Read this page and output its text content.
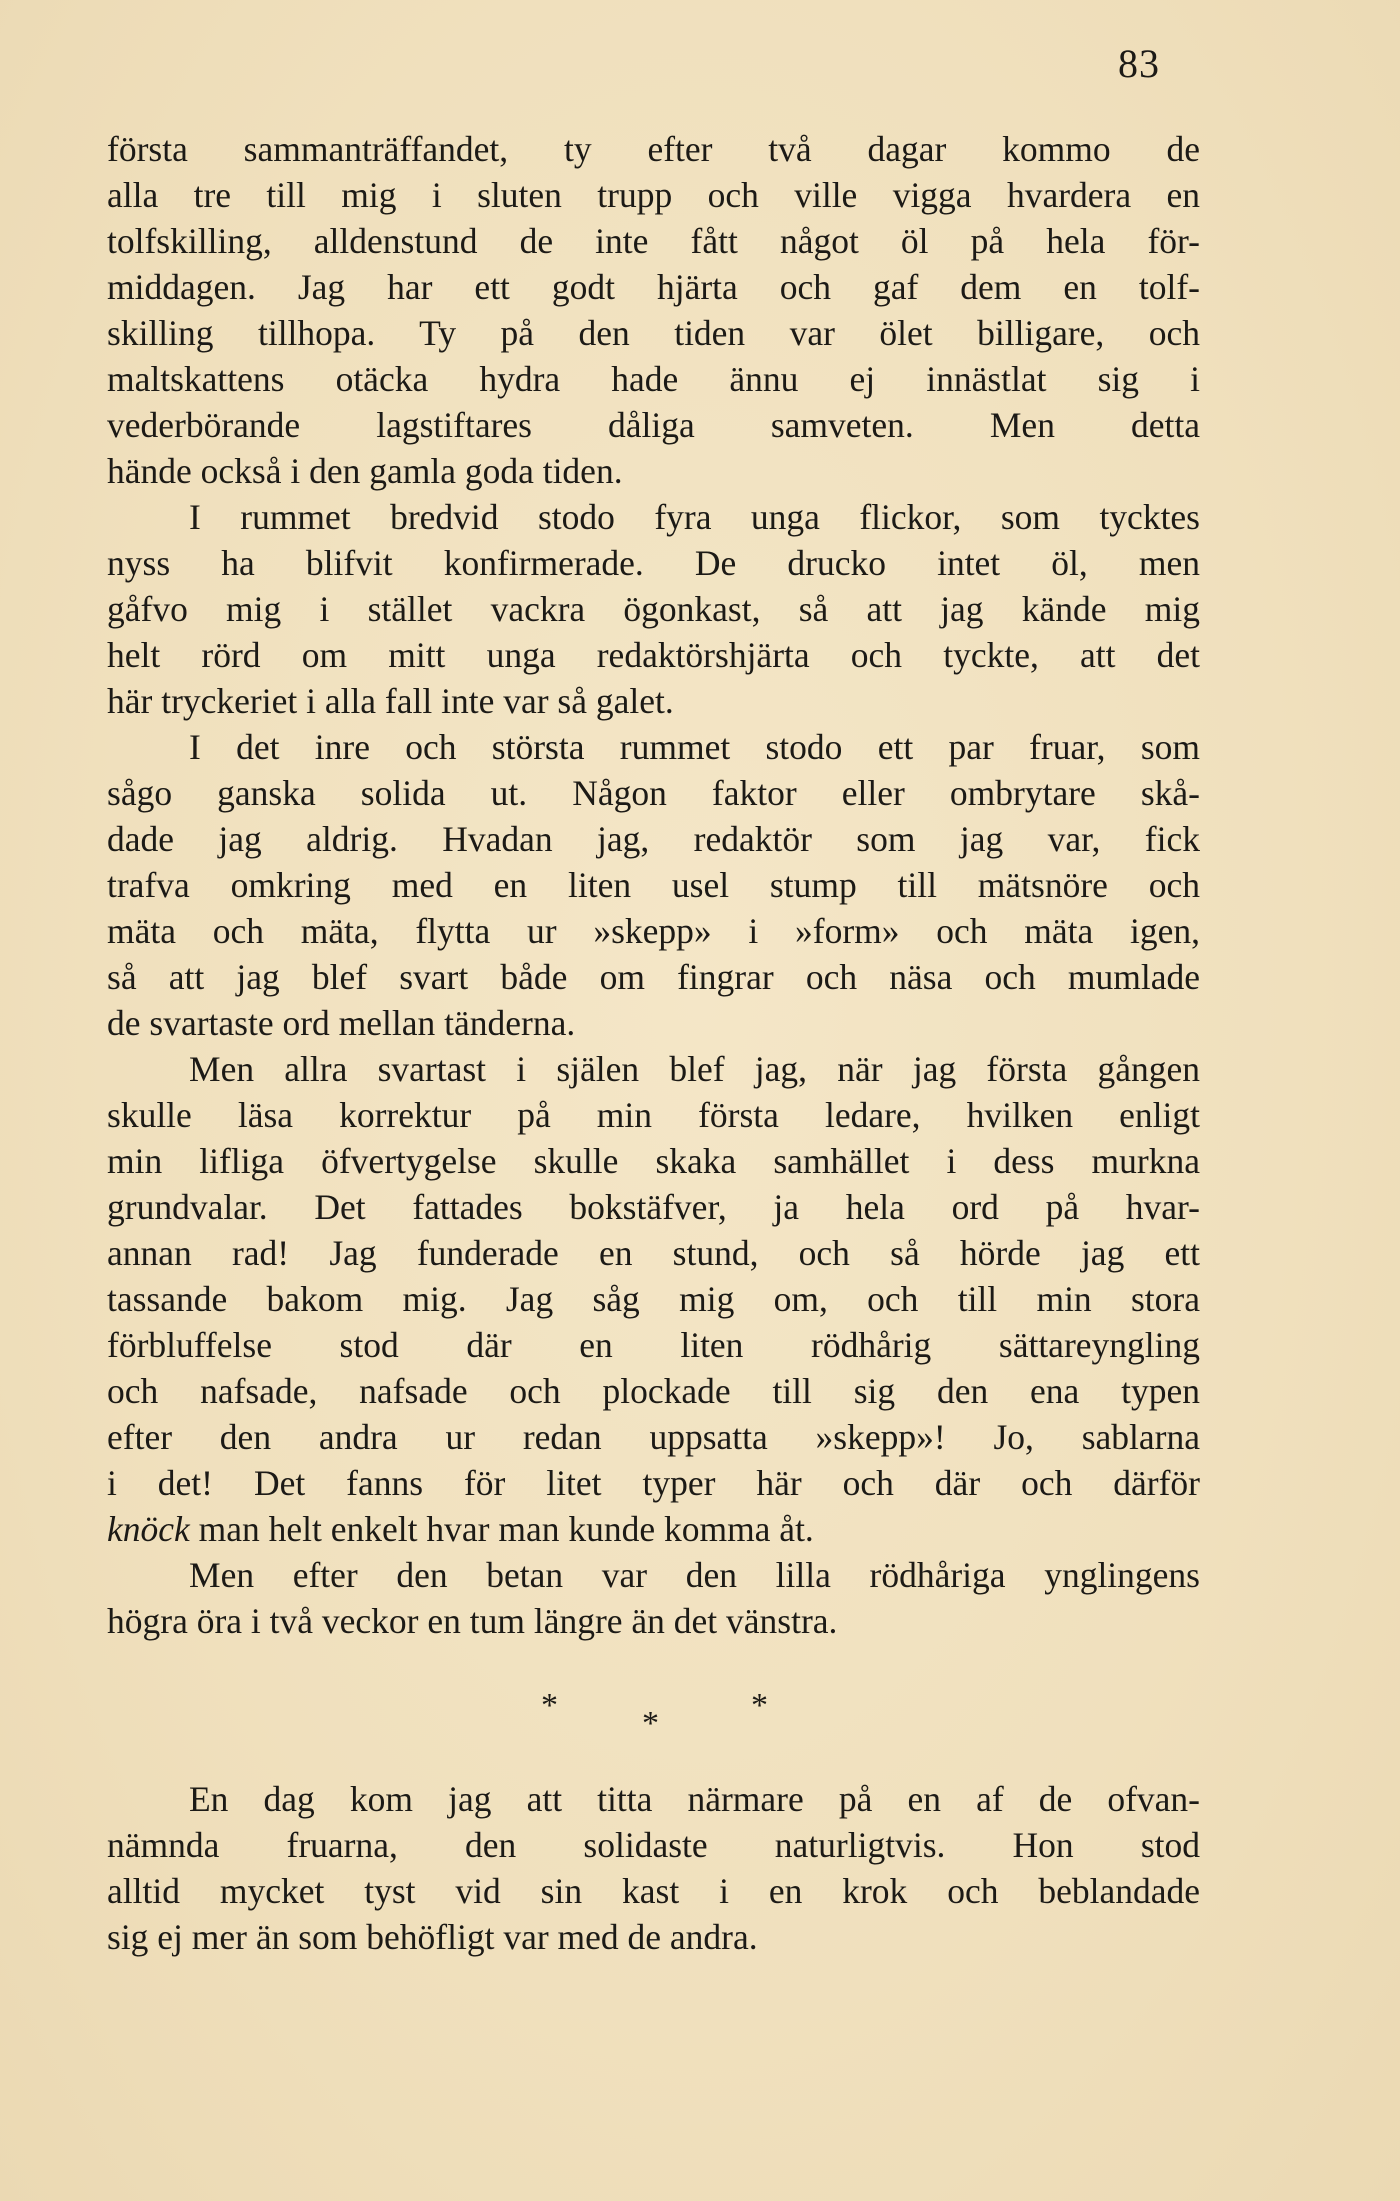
83
första sammanträffandet, ty efter två dagar kommo de
alla tre till mig i sluten trupp och ville vigga hvardera en
tolfskilling, alldenstund de inte fått något öl på hela för-
middagen. Jag har ett godt hjärta och gaf dem en tolf-
skilling tillhopa. Ty på den tiden var ölet billigare, och
maltskattens otäcka hydra hade ännu ej innästlat sig i
vederbörande lagstiftares dåliga samveten. Men detta
hände också i den gamla goda tiden.
I rummet bredvid stodo fyra unga flickor, som tycktes
nyss ha blifvit konfirmerade. De drucko intet öl, men
gåfvo mig i stället vackra ögonkast, så att jag kände mig
helt rörd om mitt unga redaktörshjärta och tyckte, att det
här tryckeriet i alla fall inte var så galet.
I det inre och största rummet stodo ett par fruar, som
sågo ganska solida ut. Någon faktor eller ombrytare skå-
dade jag aldrig. Hvadan jag, redaktör som jag var, fick
trafva omkring med en liten usel stump till mätsnöre och
mäta och mäta, flytta ur »skepp» i »form» och mäta igen,
så att jag blef svart både om fingrar och näsa och mumlade
de svartaste ord mellan tänderna.
Men allra svartast i själen blef jag, när jag första gången
skulle läsa korrektur på min första ledare, hvilken enligt
min lifliga öfvertygelse skulle skaka samhället i dess murkna
grundvalar. Det fattades bokstäfver, ja hela ord på hvar-
annan rad! Jag funderade en stund, och så hörde jag ett
tassande bakom mig. Jag såg mig om, och till min stora
förbluffelse stod där en liten rödhårig sättareyngling
och nafsade, nafsade och plockade till sig den ena typen
efter den andra ur redan uppsatta »skepp»! Jo, sablarna
i det! Det fanns för litet typer här och där och därför
knöck man helt enkelt hvar man kunde komma åt.
Men efter den betan var den lilla rödhåriga ynglingens
högra öra i två veckor en tum längre än det vänstra.
* *	*
En dag kom jag att titta närmare på en af de ofvan-
nämnda fruarna, den solidaste naturligtvis. Hon stod
alltid mycket tyst vid sin kast i en krok och beblandade
sig ej mer än som behöfligt var med de andra.
